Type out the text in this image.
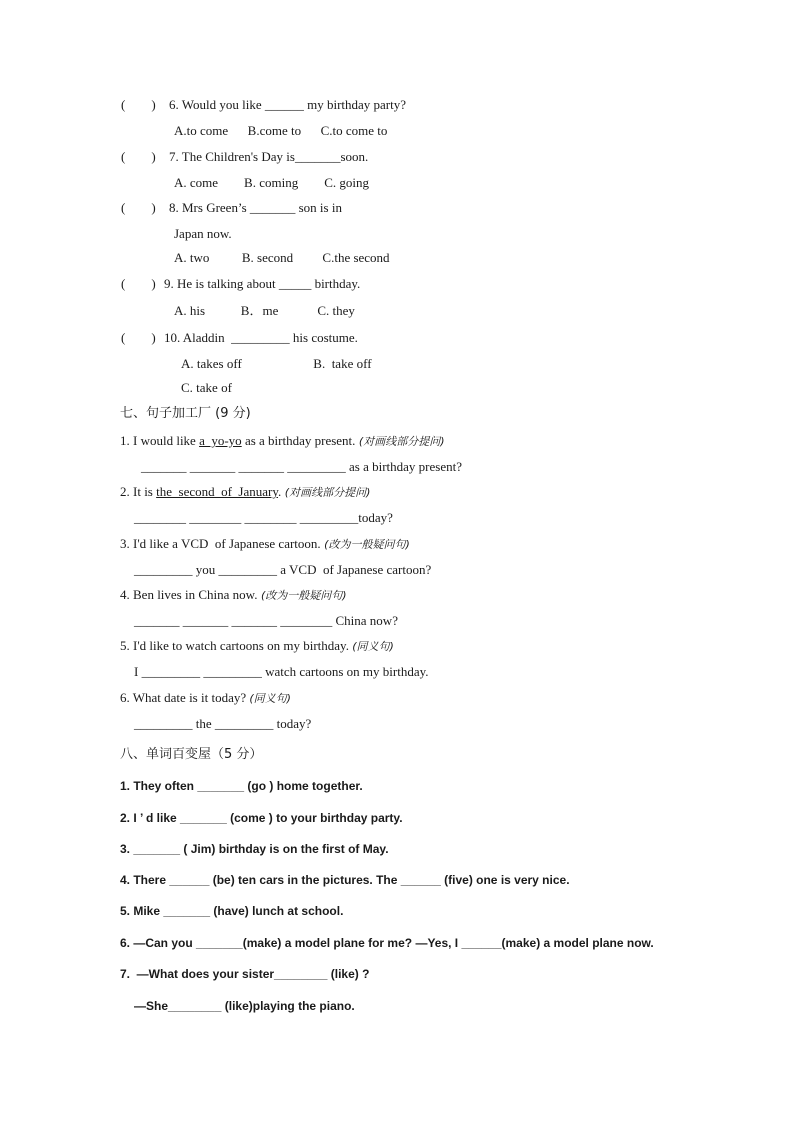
(        ) 6. Would you like ______ my birthday party?
A.to come      B.come to      C.to come to
(        ) 7. The Children's Day is_______soon.
A. come        B. coming        C. going
(        ) 8. Mrs Green’s _______ son is in
Japan now.
A. two          B. second         C.the second
(        ) 9. He is talking about _____ birthday.
A. his           B．me            C. they
(        ) 10. Aladdin  _________ his costume.
A. takes off                      B.  take off
C. take of
七、句子加工厂 (9 分)
1. I would like a  yo-yo as a birthday present. (对画线部分提问)
_______ _______ _______ _________ as a birthday present?
2. It is the  second  of  January. (对画线部分提问)
________ ________ ________ _________today?
3. I'd like a VCD  of Japanese cartoon. (改为一般疑问句)
_________ you _________ a VCD  of Japanese cartoon?
4. Ben lives in China now. (改为一般疑问句)
_______ _______ _______ ________ China now?
5. I'd like to watch cartoons on my birthday. (同义句)
I _________ _________ watch cartoons on my birthday.
6. What date is it today? (同义句)
_________ the _________ today?
八、单词百变屋（5 分）
1. They often _______ (go ) home together.
2. I ’ d like _______ (come ) to your birthday party.
3. _______ ( Jim) birthday is on the first of May.
4. There ______ (be) ten cars in the pictures. The ______ (five) one is very nice.
5. Mike _______ (have) lunch at school.
6. —Can you _______(make) a model plane for me? —Yes, I ______(make) a model plane now.
7.  —What does your sister________ (like) ?
—She________ (like)playing the piano.
